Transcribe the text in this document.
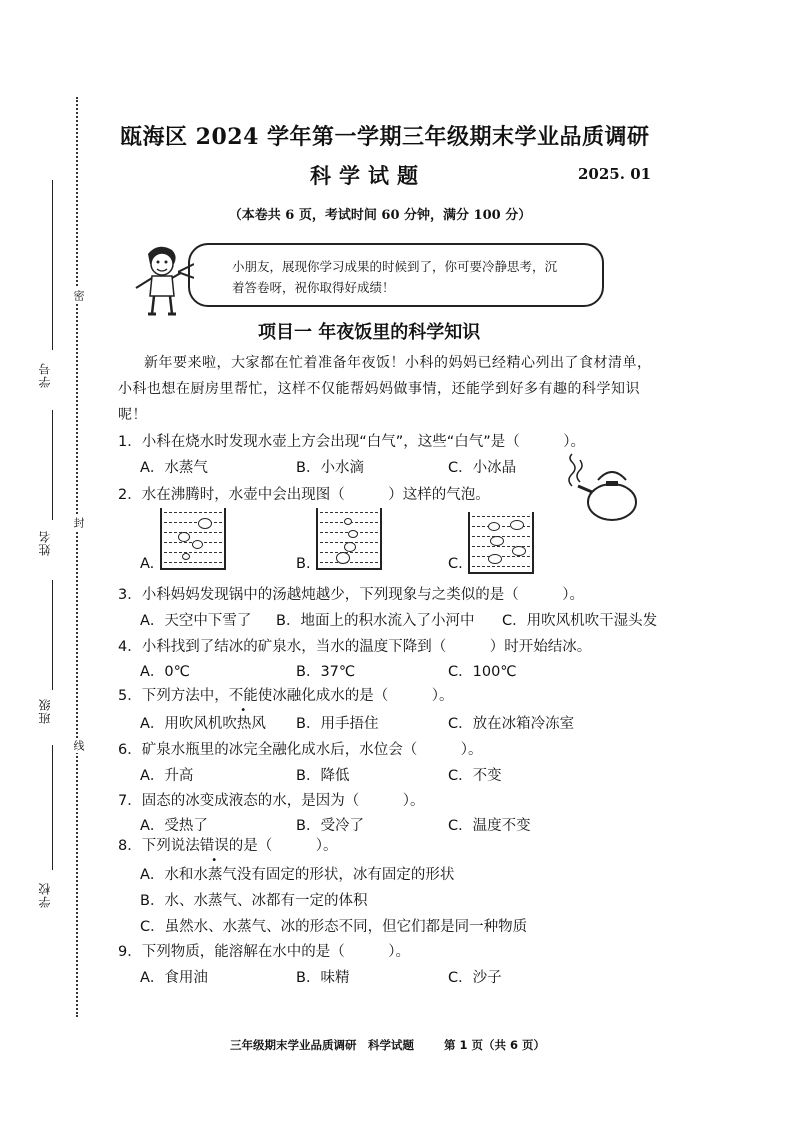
学号
姓名
班级
学校
密
封
线
瓯海区 2024 学年第一学期三年级期末学业品质调研
科学试题	2025. 01
（本卷共 6 页，考试时间 60 分钟，满分 100 分）
小朋友，展现你学习成果的时候到了，你可要冷静思考，沉
着答卷呀，祝你取得好成绩！
项目一 年夜饭里的科学知识
新年要来啦，大家都在忙着准备年夜饭！小科的妈妈已经精心列出了食材清单，小科也想在厨房里帮忙，这样不仅能帮妈妈做事情，还能学到好多有趣的科学知识呢！
1．小科在烧水时发现水壶上方会出现“白气”，这些“白气”是（　　　）。
A．水蒸气	B．小水滴	C．小冰晶
2．水在沸腾时，水壶中会出现图（　　　）这样的气泡。
A.	B.	C.
3．小科妈妈发现锅中的汤越炖越少，下列现象与之类似的是（　　　）。
A．天空中下雪了 B．地面上的积水流入了小河中 C．用吹风机吹干湿头发
4．小科找到了结冰的矿泉水，当水的温度下降到（　　　）时开始结冰。
A．0℃	B．37℃	C．100℃
5．下列方法中，不能使冰融化成水的是（　　　）。
A．用吹风机吹热风 B．用手捂住	C．放在冰箱冷冻室
6．矿泉水瓶里的冰完全融化成水后，水位会（　　　）。
A．升高	B．降低	C．不变
7．固态的冰变成液态的水，是因为（　　　）。
A．受热了	B．受冷了	C．温度不变
8．下列说法错误的是（　　　）。
A．水和水蒸气没有固定的形状，冰有固定的形状
B．水、水蒸气、冰都有一定的体积
C．虽然水、水蒸气、冰的形态不同，但它们都是同一种物质
9．下列物质，能溶解在水中的是（　　　）。
A．食用油	B．味精	C．沙子
三年级期末学业品质调研　科学试题	第 1 页（共 6 页）
